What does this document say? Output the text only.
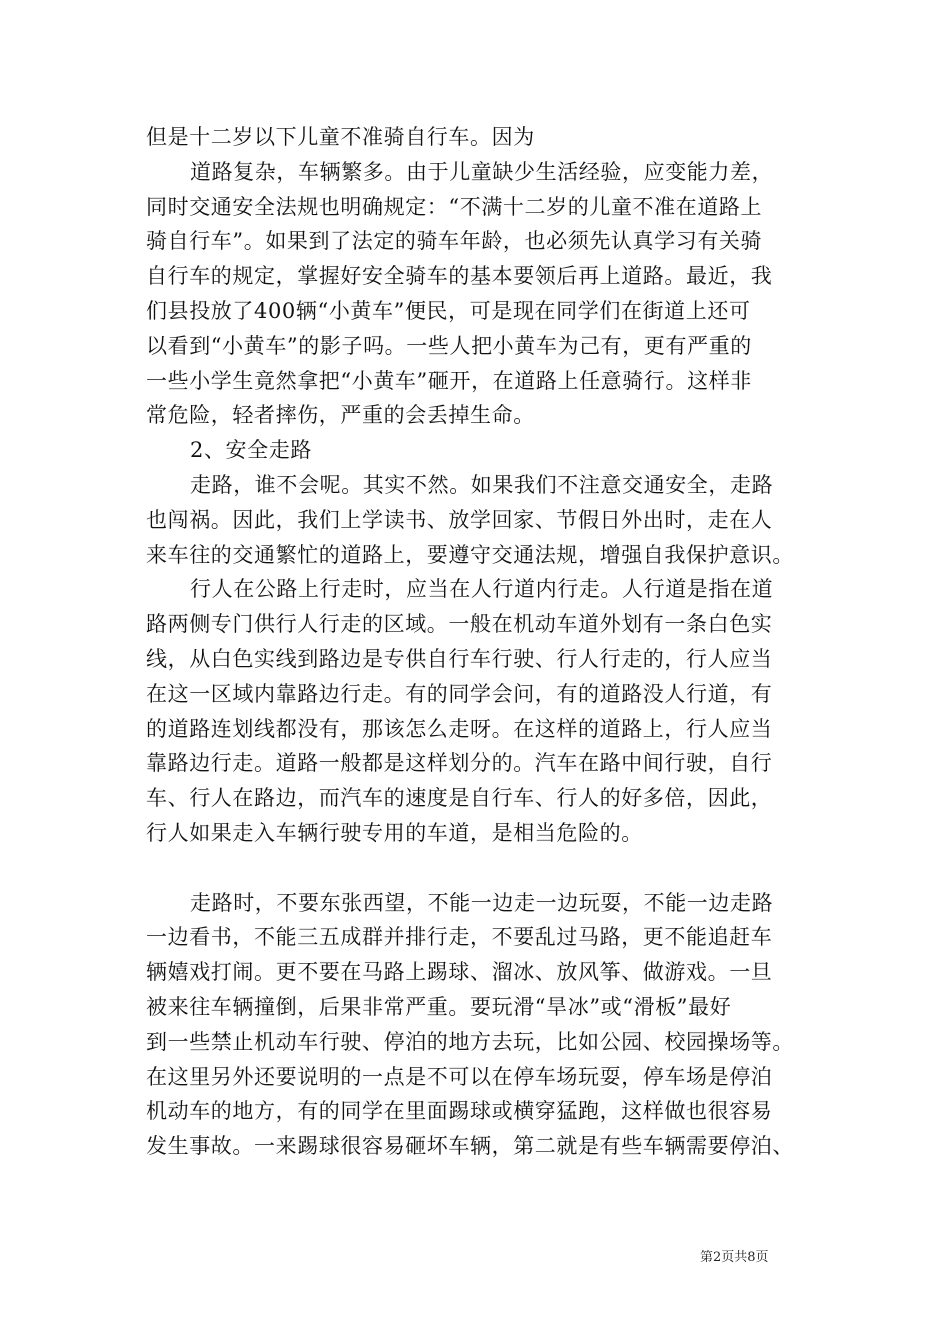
但是十二岁以下儿童不准骑自行车。因为
道路复杂，车辆繁多。由于儿童缺少生活经验，应变能力差，
同时交通安全法规也明确规定：“不满十二岁的儿童不准在道路上
骑自行车”。如果到了法定的骑车年龄，也必须先认真学习有关骑
自行车的规定，掌握好安全骑车的基本要领后再上道路。最近，我
们县投放了400辆“小黄车”便民，可是现在同学们在街道上还可
以看到“小黄车”的影子吗。一些人把小黄车为己有，更有严重的
一些小学生竟然拿把“小黄车”砸开，在道路上任意骑行。这样非
常危险，轻者摔伤，严重的会丢掉生命。
2、安全走路
走路，谁不会呢。其实不然。如果我们不注意交通安全，走路
也闯祸。因此，我们上学读书、放学回家、节假日外出时，走在人
来车往的交通繁忙的道路上，要遵守交通法规，增强自我保护意识。
行人在公路上行走时，应当在人行道内行走。人行道是指在道
路两侧专门供行人行走的区域。一般在机动车道外划有一条白色实
线，从白色实线到路边是专供自行车行驶、行人行走的，行人应当
在这一区域内靠路边行走。有的同学会问，有的道路没人行道，有
的道路连划线都没有，那该怎么走呀。在这样的道路上，行人应当
靠路边行走。道路一般都是这样划分的。汽车在路中间行驶，自行
车、行人在路边，而汽车的速度是自行车、行人的好多倍，因此，
行人如果走入车辆行驶专用的车道，是相当危险的。
走路时，不要东张西望，不能一边走一边玩耍，不能一边走路
一边看书，不能三五成群并排行走，不要乱过马路，更不能追赶车
辆嬉戏打闹。更不要在马路上踢球、溜冰、放风筝、做游戏。一旦
被来往车辆撞倒，后果非常严重。要玩滑“旱冰”或“滑板”最好
到一些禁止机动车行驶、停泊的地方去玩，比如公园、校园操场等。
在这里另外还要说明的一点是不可以在停车场玩耍，停车场是停泊
机动车的地方，有的同学在里面踢球或横穿猛跑，这样做也很容易
发生事故。一来踢球很容易砸坏车辆，第二就是有些车辆需要停泊、
第2页共8页
